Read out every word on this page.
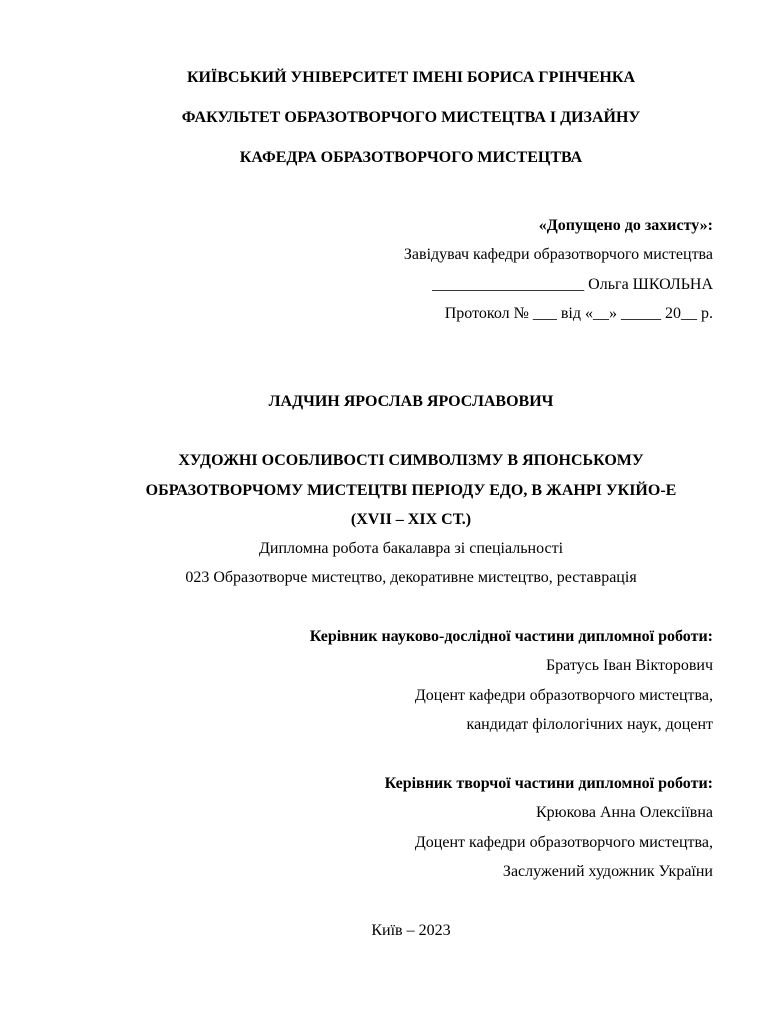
КИЇВСЬКИЙ УНІВЕРСИТЕТ ІМЕНІ БОРИСА ГРІНЧЕНКА
ФАКУЛЬТЕТ ОБРАЗОТВОРЧОГО МИСТЕЦТВА І ДИЗАЙНУ
КАФЕДРА ОБРАЗОТВОРЧОГО МИСТЕЦТВА
«Допущено до захисту»:
Завідувач кафедри образотворчого мистецтва
___________________ Ольга ШКОЛЬНА
Протокол № ___ від «__» _____ 20__ р.
ЛАДЧИН ЯРОСЛАВ ЯРОСЛАВОВИЧ
ХУДОЖНІ ОСОБЛИВОСТІ СИМВОЛІЗМУ В ЯПОНСЬКОМУ
ОБРАЗОТВОРЧОМУ МИСТЕЦТВІ ПЕРІОДУ ЕДО, В ЖАНРІ УКІЙО-Е
(XVII – XIX СТ.)
Дипломна робота бакалавра зі спеціальності
023 Образотворче мистецтво, декоративне мистецтво, реставрація
Керівник науково-дослідної частини дипломної роботи:
Братусь Іван Вікторович
Доцент кафедри образотворчого мистецтва,
кандидат філологічних наук, доцент
Керівник творчої частини дипломної роботи:
Крюкова Анна Олексіївна
Доцент кафедри образотворчого мистецтва,
Заслужений художник України
Київ – 2023
